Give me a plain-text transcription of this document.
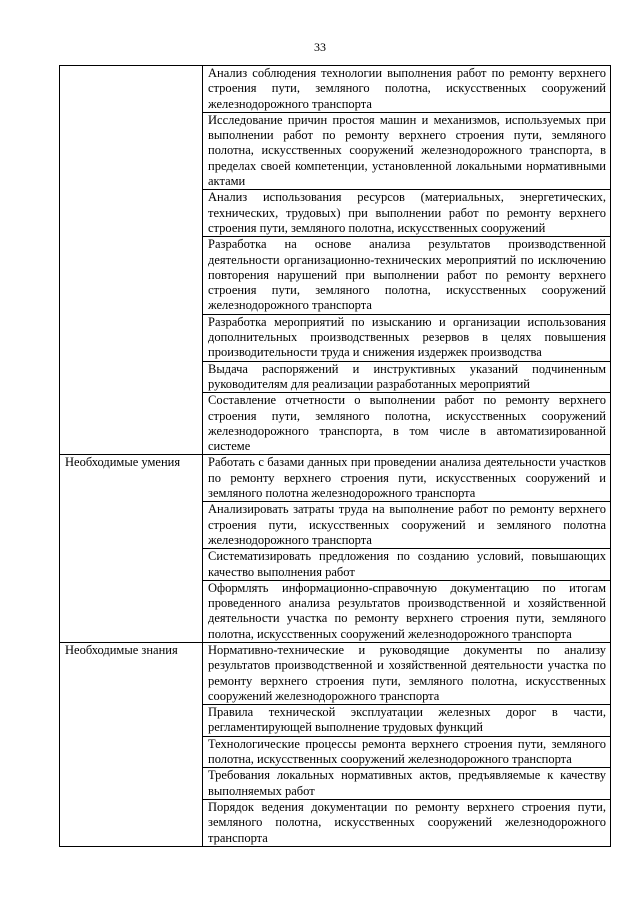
33
	Анализ соблюдения технологии выполнения работ по ремонту верхнего строения пути, земляного полотна, искусственных сооружений железнодорожного транспорта
	Исследование причин простоя машин и механизмов, используемых при выполнении работ по ремонту верхнего строения пути, земляного полотна, искусственных сооружений железнодорожного транспорта, в пределах своей компетенции, установленной локальными нормативными актами
	Анализ использования ресурсов (материальных, энергетических, технических, трудовых) при выполнении работ по ремонту верхнего строения пути, земляного полотна, искусственных сооружений
	Разработка на основе анализа результатов производственной деятельности организационно-технических мероприятий по исключению повторения нарушений при выполнении работ по ремонту верхнего строения пути, земляного полотна, искусственных сооружений железнодорожного транспорта
	Разработка мероприятий по изысканию и организации использования дополнительных производственных резервов в целях повышения производительности труда и снижения издержек производства
	Выдача распоряжений и инструктивных указаний подчиненным руководителям для реализации разработанных мероприятий
	Составление отчетности о выполнении работ по ремонту верхнего строения пути, земляного полотна, искусственных сооружений железнодорожного транспорта, в том числе в автоматизированной системе
Необходимые умения	Работать с базами данных при проведении анализа деятельности участков по ремонту верхнего строения пути, искусственных сооружений и земляного полотна железнодорожного транспорта
	Анализировать затраты труда на выполнение работ по ремонту верхнего строения пути, искусственных сооружений и земляного полотна железнодорожного транспорта
	Систематизировать предложения по созданию условий, повышающих качество выполнения работ
	Оформлять информационно-справочную документацию по итогам проведенного анализа результатов производственной и хозяйственной деятельности участка по ремонту верхнего строения пути, земляного полотна, искусственных сооружений железнодорожного транспорта
Необходимые знания	Нормативно-технические и руководящие документы по анализу результатов производственной и хозяйственной деятельности участка по ремонту верхнего строения пути, земляного полотна, искусственных сооружений железнодорожного транспорта
	Правила технической эксплуатации железных дорог в части, регламентирующей выполнение трудовых функций
	Технологические процессы ремонта верхнего строения пути, земляного полотна, искусственных сооружений железнодорожного транспорта
	Требования локальных нормативных актов, предъявляемые к качеству выполняемых работ
	Порядок ведения документации по ремонту верхнего строения пути, земляного полотна, искусственных сооружений железнодорожного транспорта
